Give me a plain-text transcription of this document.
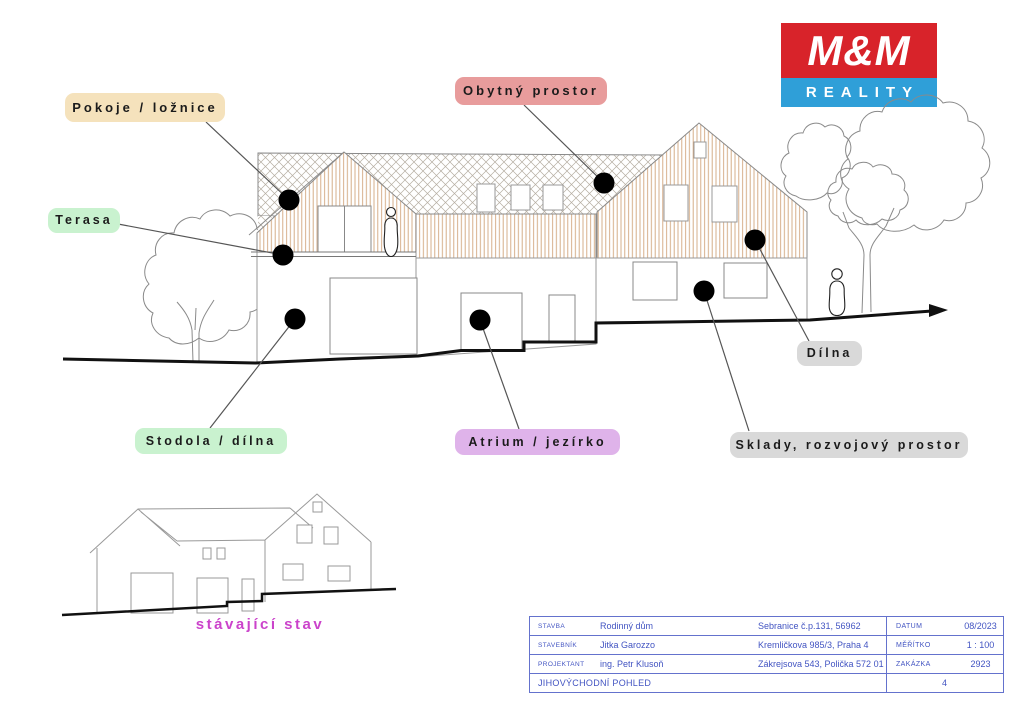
M&M
REALITY
Pokoje / ložnice
Obytný prostor
Terasa
Stodola / dílna	Atrium / jezírko
Dílna
Sklady, rozvojový prostor
stávající stav	STAVBA	Rodinný dům	Sebranice č.p.131, 56962	DATUM	08/2023
STAVEBNÍK	Jitka Garozzo	Kremličkova 985/3, Praha 4	MĚŘÍTKO	1 : 100
PROJEKTANT	ing. Petr Klusoň	Zákrejsova 543, Polička 572 01	ZAKÁZKA	2923
JIHOVÝCHODNÍ POHLED	4
